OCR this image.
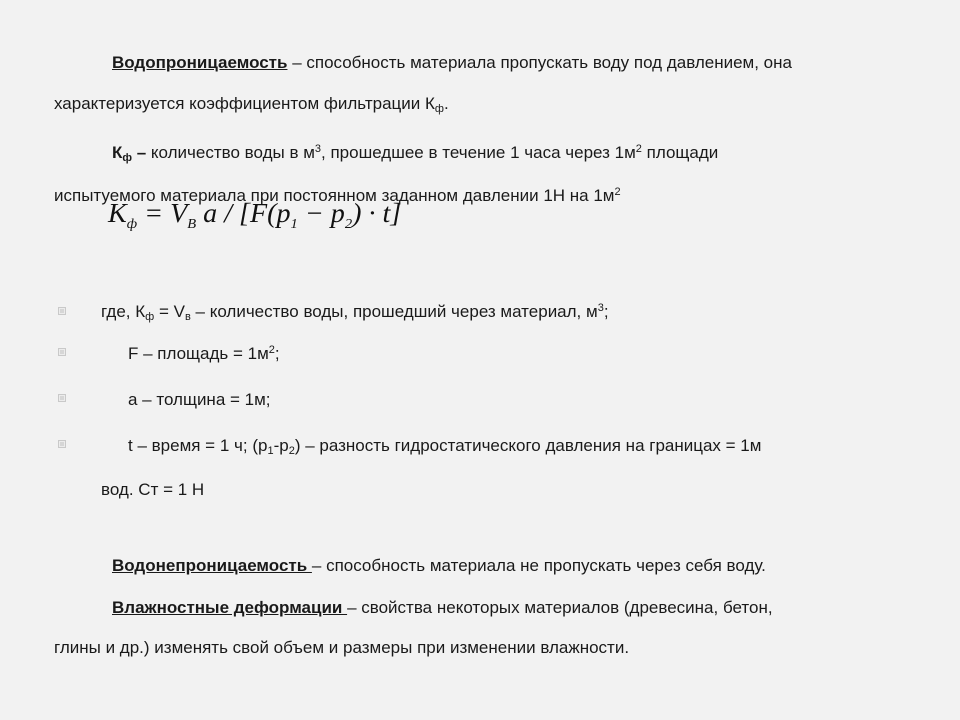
Водопроницаемость – способность материала пропускать воду под давлением, она
характеризуется коэффициентом фильтрации $К_ф$.
$К_ф$ – количество воды в $м^3$, прошедшее в течение 1 часа через $1м^2$ площади
испытуемого материала при постоянном заданном давлении 1Н на $1м^2$
$K_ф = V_B$ $a / [F(p_1 - p_2) \cdot t]$
где, $К_ф = V_в$ – количество воды, прошедший через материал, $м^3$;
F – площадь = $1м^2$;
a – толщина = 1м;
t – время = 1 ч; $(p_1-p_2)$ – разность гидростатического давления на границах = 1м
вод. Ст = 1 Н
Водонепроницаемость – способность материала не пропускать через себя воду.
Влажностные деформации – свойства некоторых материалов (древесина, бетон,
глины и др.) изменять свой объем и размеры при изменении влажности.
